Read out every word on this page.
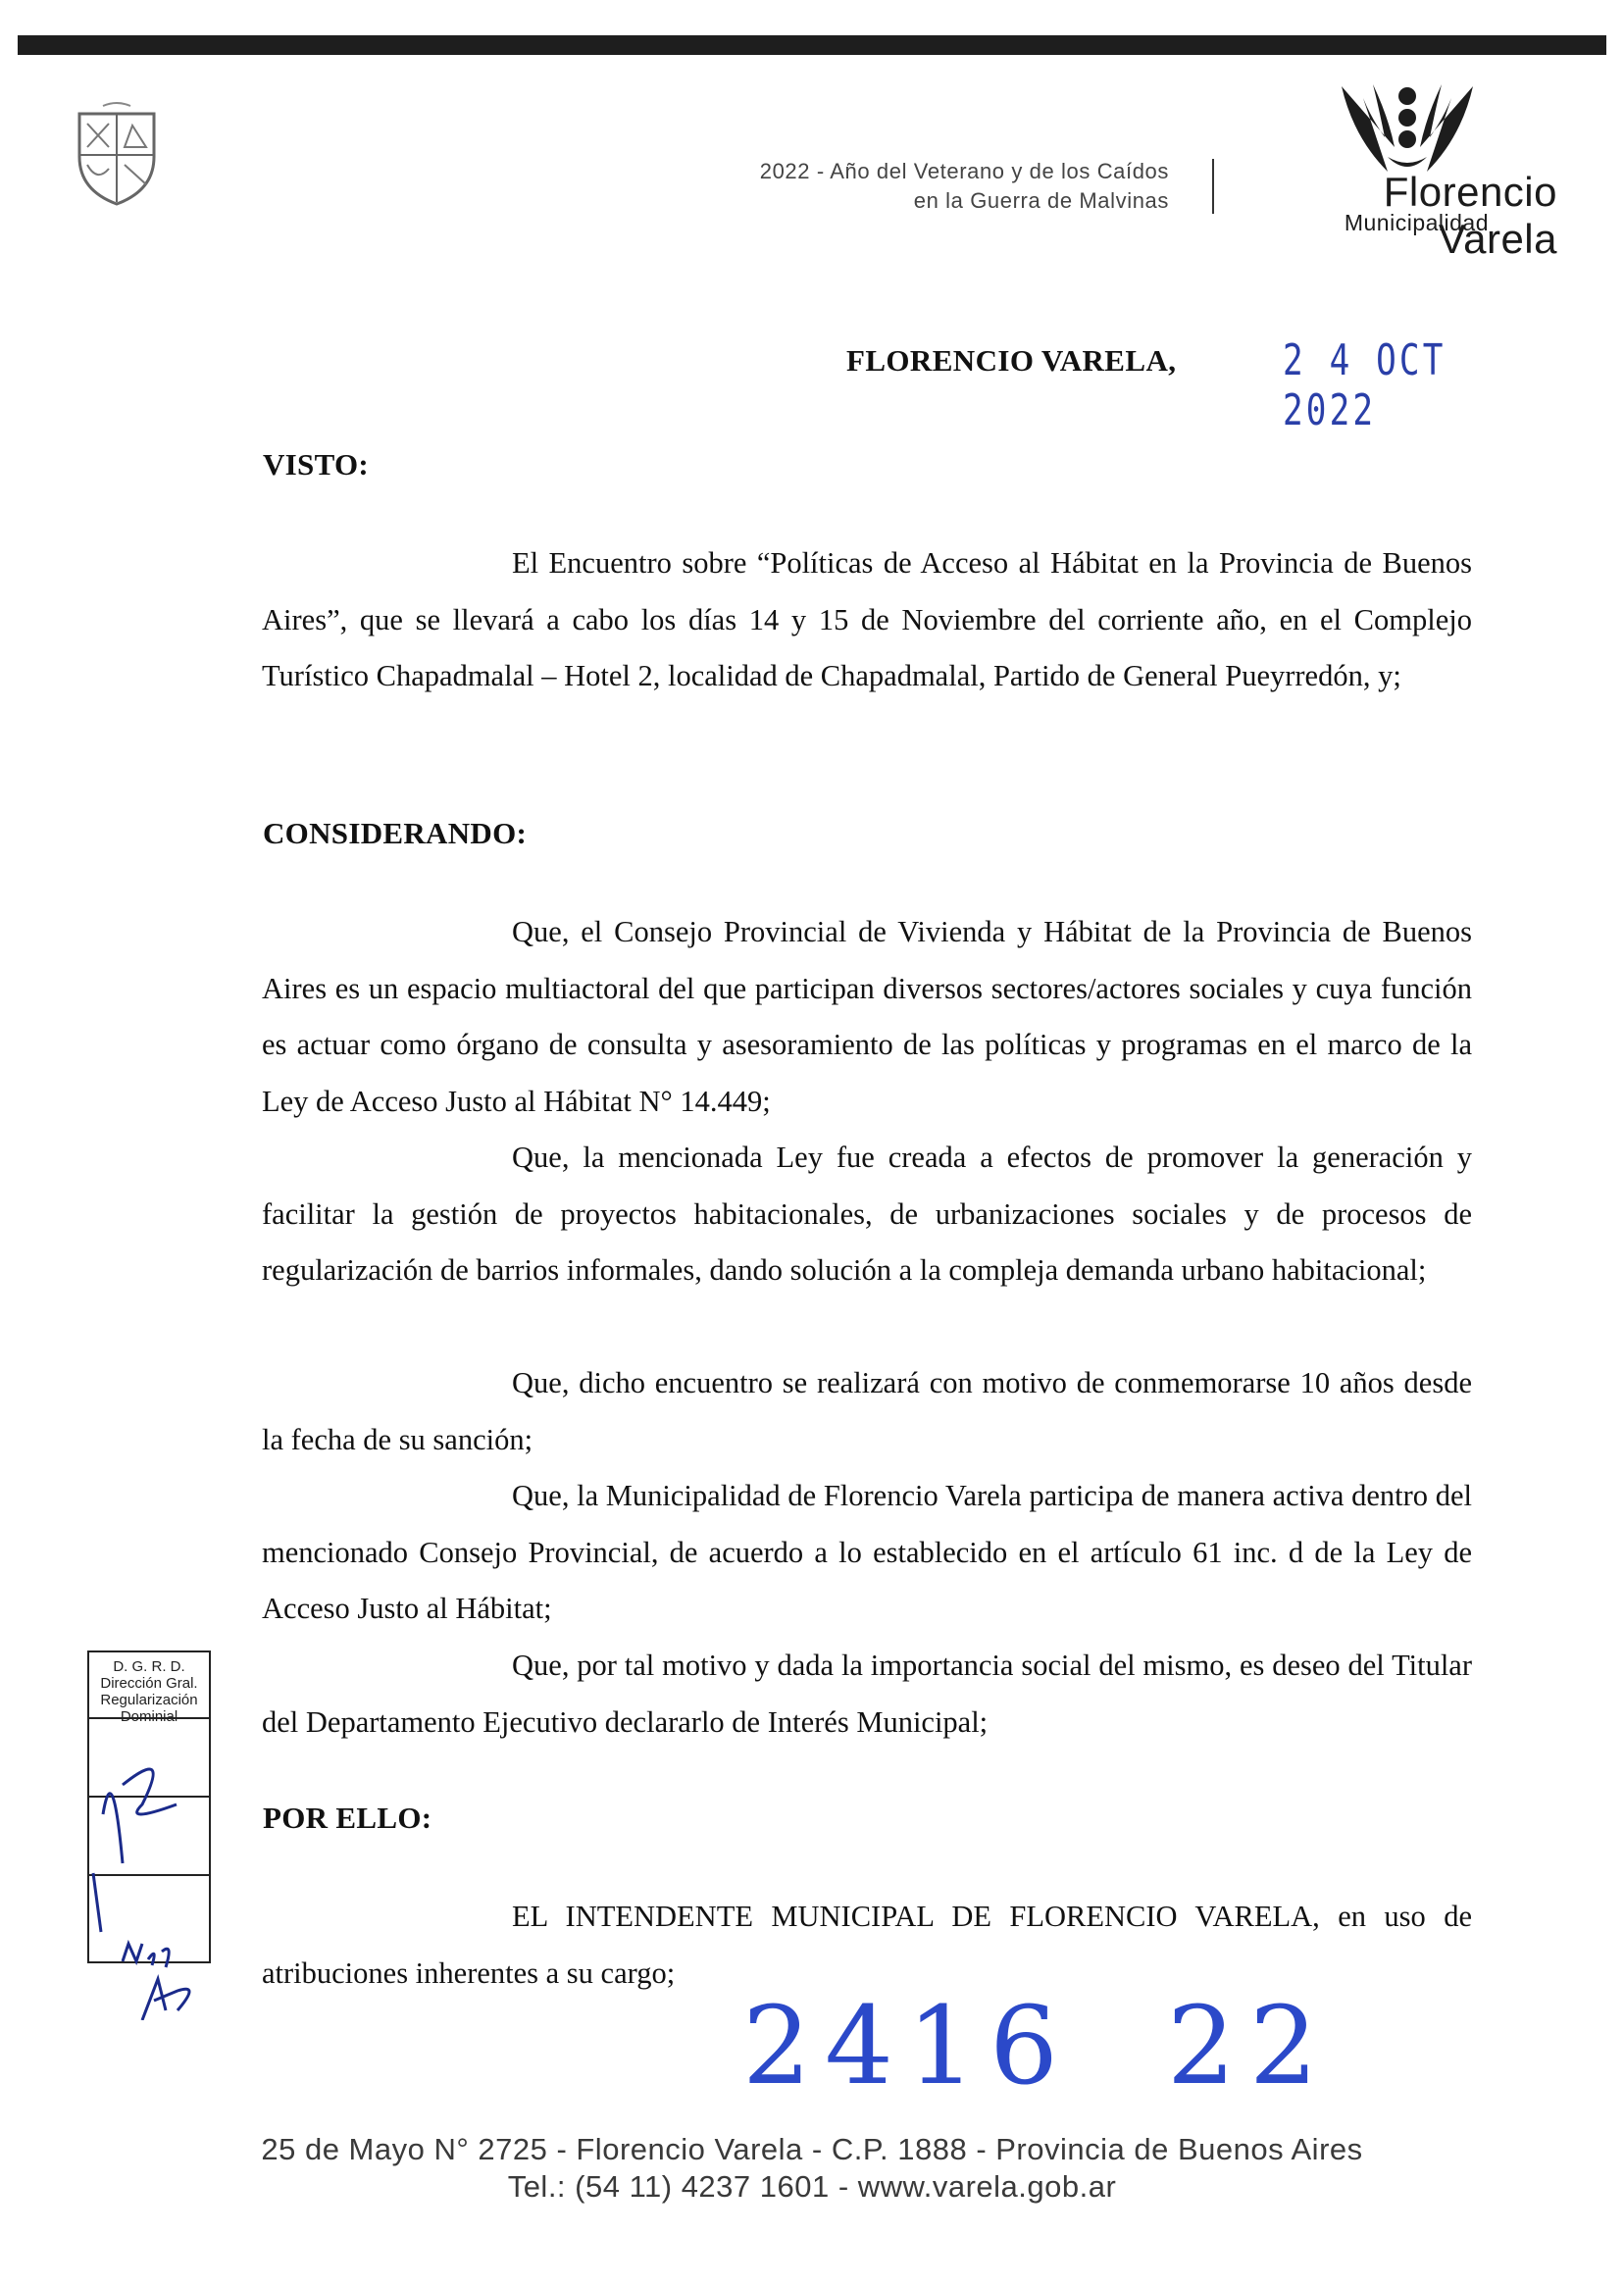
2022 - Año del Veterano y de los Caídos
en la Guerra de Malvinas	Florencio Varela
Municipalidad
FLORENCIO VARELA, 2 4 OCT 2022
VISTO:

El Encuentro sobre “Políticas de Acceso al Hábitat en la Provincia de Buenos Aires”, que se llevará a cabo los días 14 y 15 de Noviembre del corriente año, en el Complejo Turístico Chapadmalal – Hotel 2, localidad de Chapadmalal, Partido de General Pueyrredón, y;

CONSIDERANDO:

Que, el Consejo Provincial de Vivienda y Hábitat de la Provincia de Buenos Aires es un espacio multiactoral del que participan diversos sectores/actores sociales y cuya función es actuar como órgano de consulta y asesoramiento de las políticas y programas en el marco de la Ley de Acceso Justo al Hábitat N° 14.449;

Que, la mencionada Ley fue creada a efectos de promover la generación y facilitar la gestión de proyectos habitacionales, de urbanizaciones sociales y de procesos de regularización de barrios informales, dando solución a la compleja demanda urbano habitacional;

Que, dicho encuentro se realizará con motivo de conmemorarse 10 años desde la fecha de su sanción;

Que, la Municipalidad de Florencio Varela participa de manera activa dentro del mencionado Consejo Provincial, de acuerdo a lo establecido en el artículo 61 inc. d de la Ley de Acceso Justo al Hábitat;

Que, por tal motivo y dada la importancia social del mismo, es deseo del Titular del Departamento Ejecutivo declararlo de Interés Municipal;

POR ELLO:

EL INTENDENTE MUNICIPAL DE FLORENCIO VARELA, en uso de atribuciones inherentes a su cargo;

D. G. R. D.
Dirección Gral.
Regularización
Dominial
2416 22
25 de Mayo N° 2725 - Florencio Varela - C.P. 1888 - Provincia de Buenos Aires
Tel.: (54 11) 4237 1601 - www.varela.gob.ar
